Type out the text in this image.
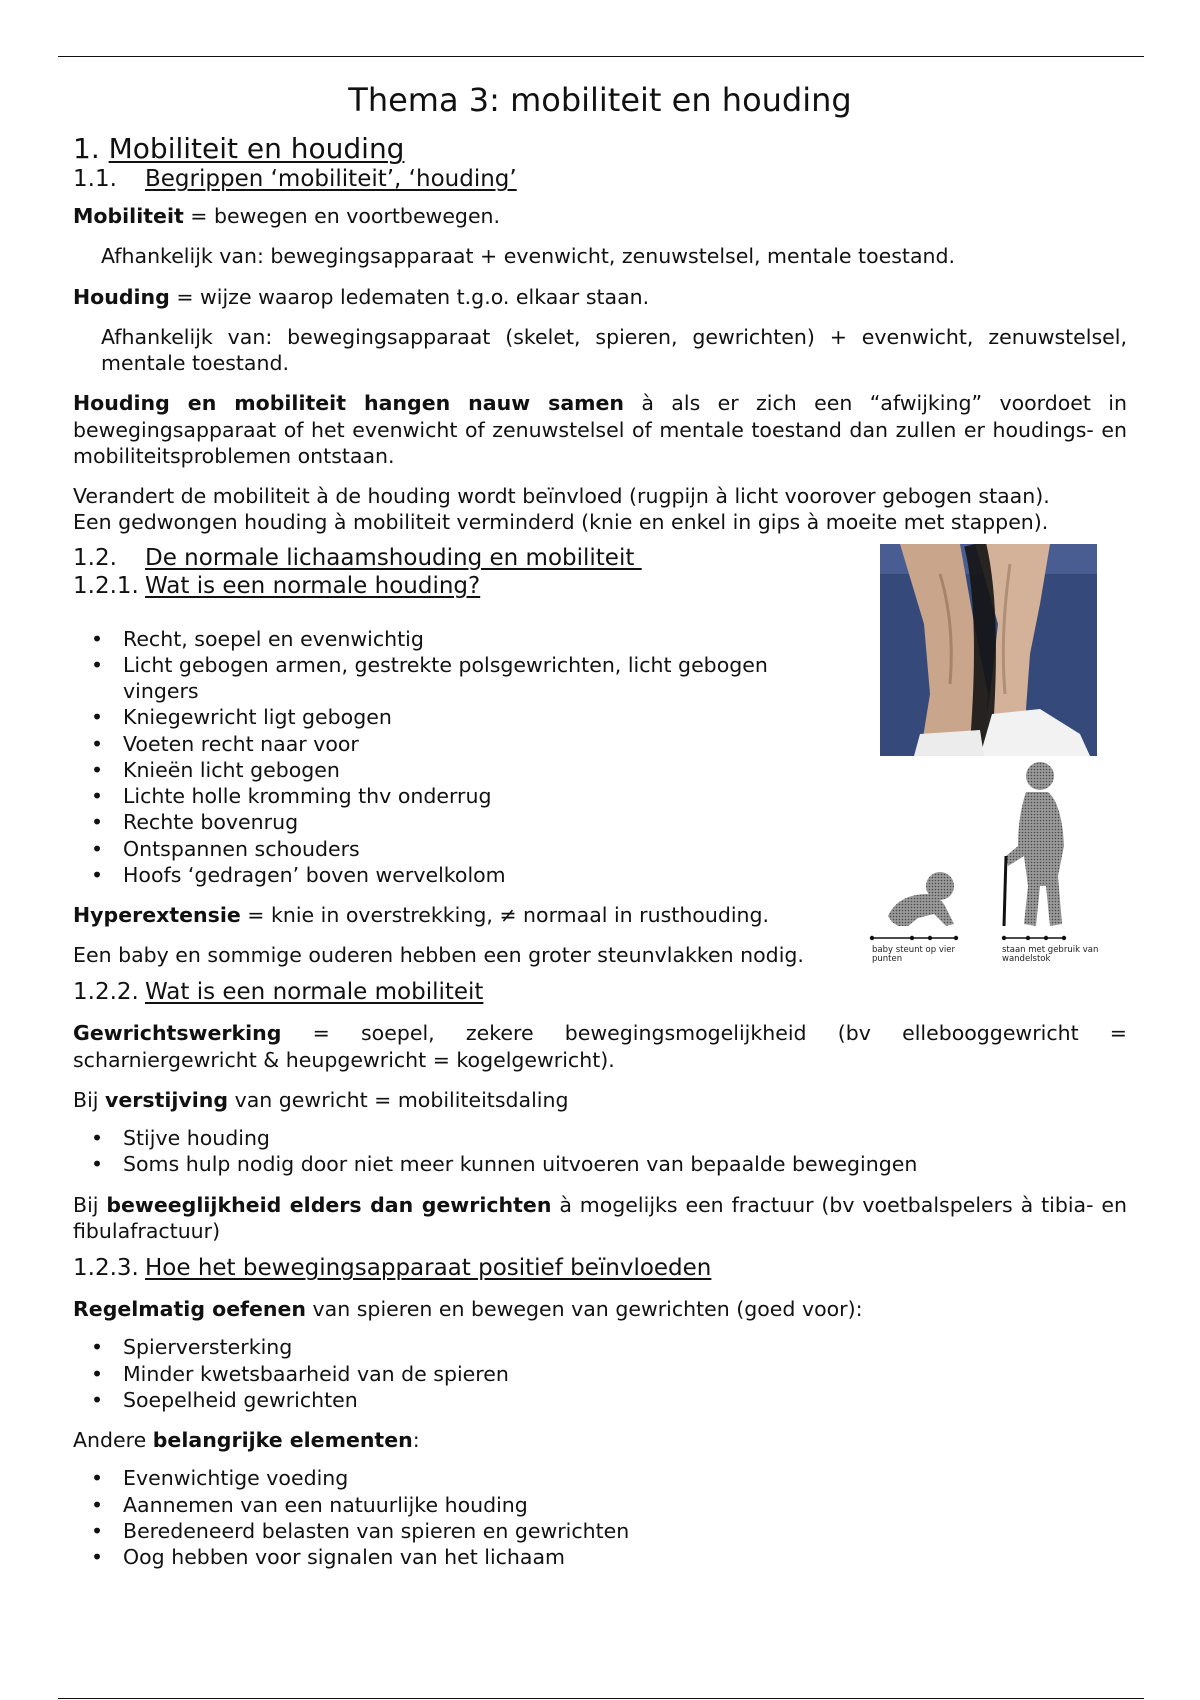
Thema 3: mobiliteit en houding
1. Mobiliteit en houding
1.1.	Begrippen ‘mobiliteit’, ‘houding’

Mobiliteit = bewegen en voortbewegen.

Afhankelijk van: bewegingsapparaat + evenwicht, zenuwstelsel, mentale toestand.

Houding = wijze waarop ledematen t.g.o. elkaar staan.

Afhankelijk van: bewegingsapparaat (skelet, spieren, gewrichten) + evenwicht, zenuwstelsel, mentale toestand.

Houding en mobiliteit hangen nauw samen à als er zich een “afwijking” voordoet in bewegingsapparaat of het evenwicht of zenuwstelsel of mentale toestand dan zullen er houdings- en mobiliteitsproblemen ontstaan.

Verandert de mobiliteit à de houding wordt beïnvloed (rugpijn à licht voorover gebogen staan).

Een gedwongen houding à mobiliteit verminderd (knie en enkel in gips à moeite met stappen).

1.2.	De normale lichaamshouding en mobiliteit
1.2.1. Wat is een normale houding?
• Recht, soepel en evenwichtig
• Licht gebogen armen, gestrekte polsgewrichten, licht gebogen vingers
• Kniegewricht ligt gebogen
• Voeten recht naar voor
• Knieën licht gebogen
• Lichte holle kromming thv onderrug
• Rechte bovenrug
• Ontspannen schouders
• Hoofs ‘gedragen’ boven wervelkolom

Hyperextensie = knie in overstrekking, ≠ normaal in rusthouding.

Een baby en sommige ouderen hebben een groter steunvlakken nodig.	baby steunt op vier punten
staan met gebruik van wandelstok
1.2.2. Wat is een normale mobiliteit

Gewrichtswerking = soepel, zekere bewegingsmogelijkheid (bv ellebooggewricht = scharniergewricht & heupgewricht = kogelgewricht).

Bij verstijving van gewricht = mobiliteitsdaling

• Stijve houding
• Soms hulp nodig door niet meer kunnen uitvoeren van bepaalde bewegingen

Bij beweeglijkheid elders dan gewrichten à mogelijks een fractuur (bv voetbalspelers à tibia- en fibulafractuur)

1.2.3. Hoe het bewegingsapparaat positief beïnvloeden

Regelmatig oefenen van spieren en bewegen van gewrichten (goed voor):

• Spierversterking
• Minder kwetsbaarheid van de spieren
• Soepelheid gewrichten

Andere belangrijke elementen:

• Evenwichtige voeding
• Aannemen van een natuurlijke houding
• Beredeneerd belasten van spieren en gewrichten
• Oog hebben voor signalen van het lichaam
